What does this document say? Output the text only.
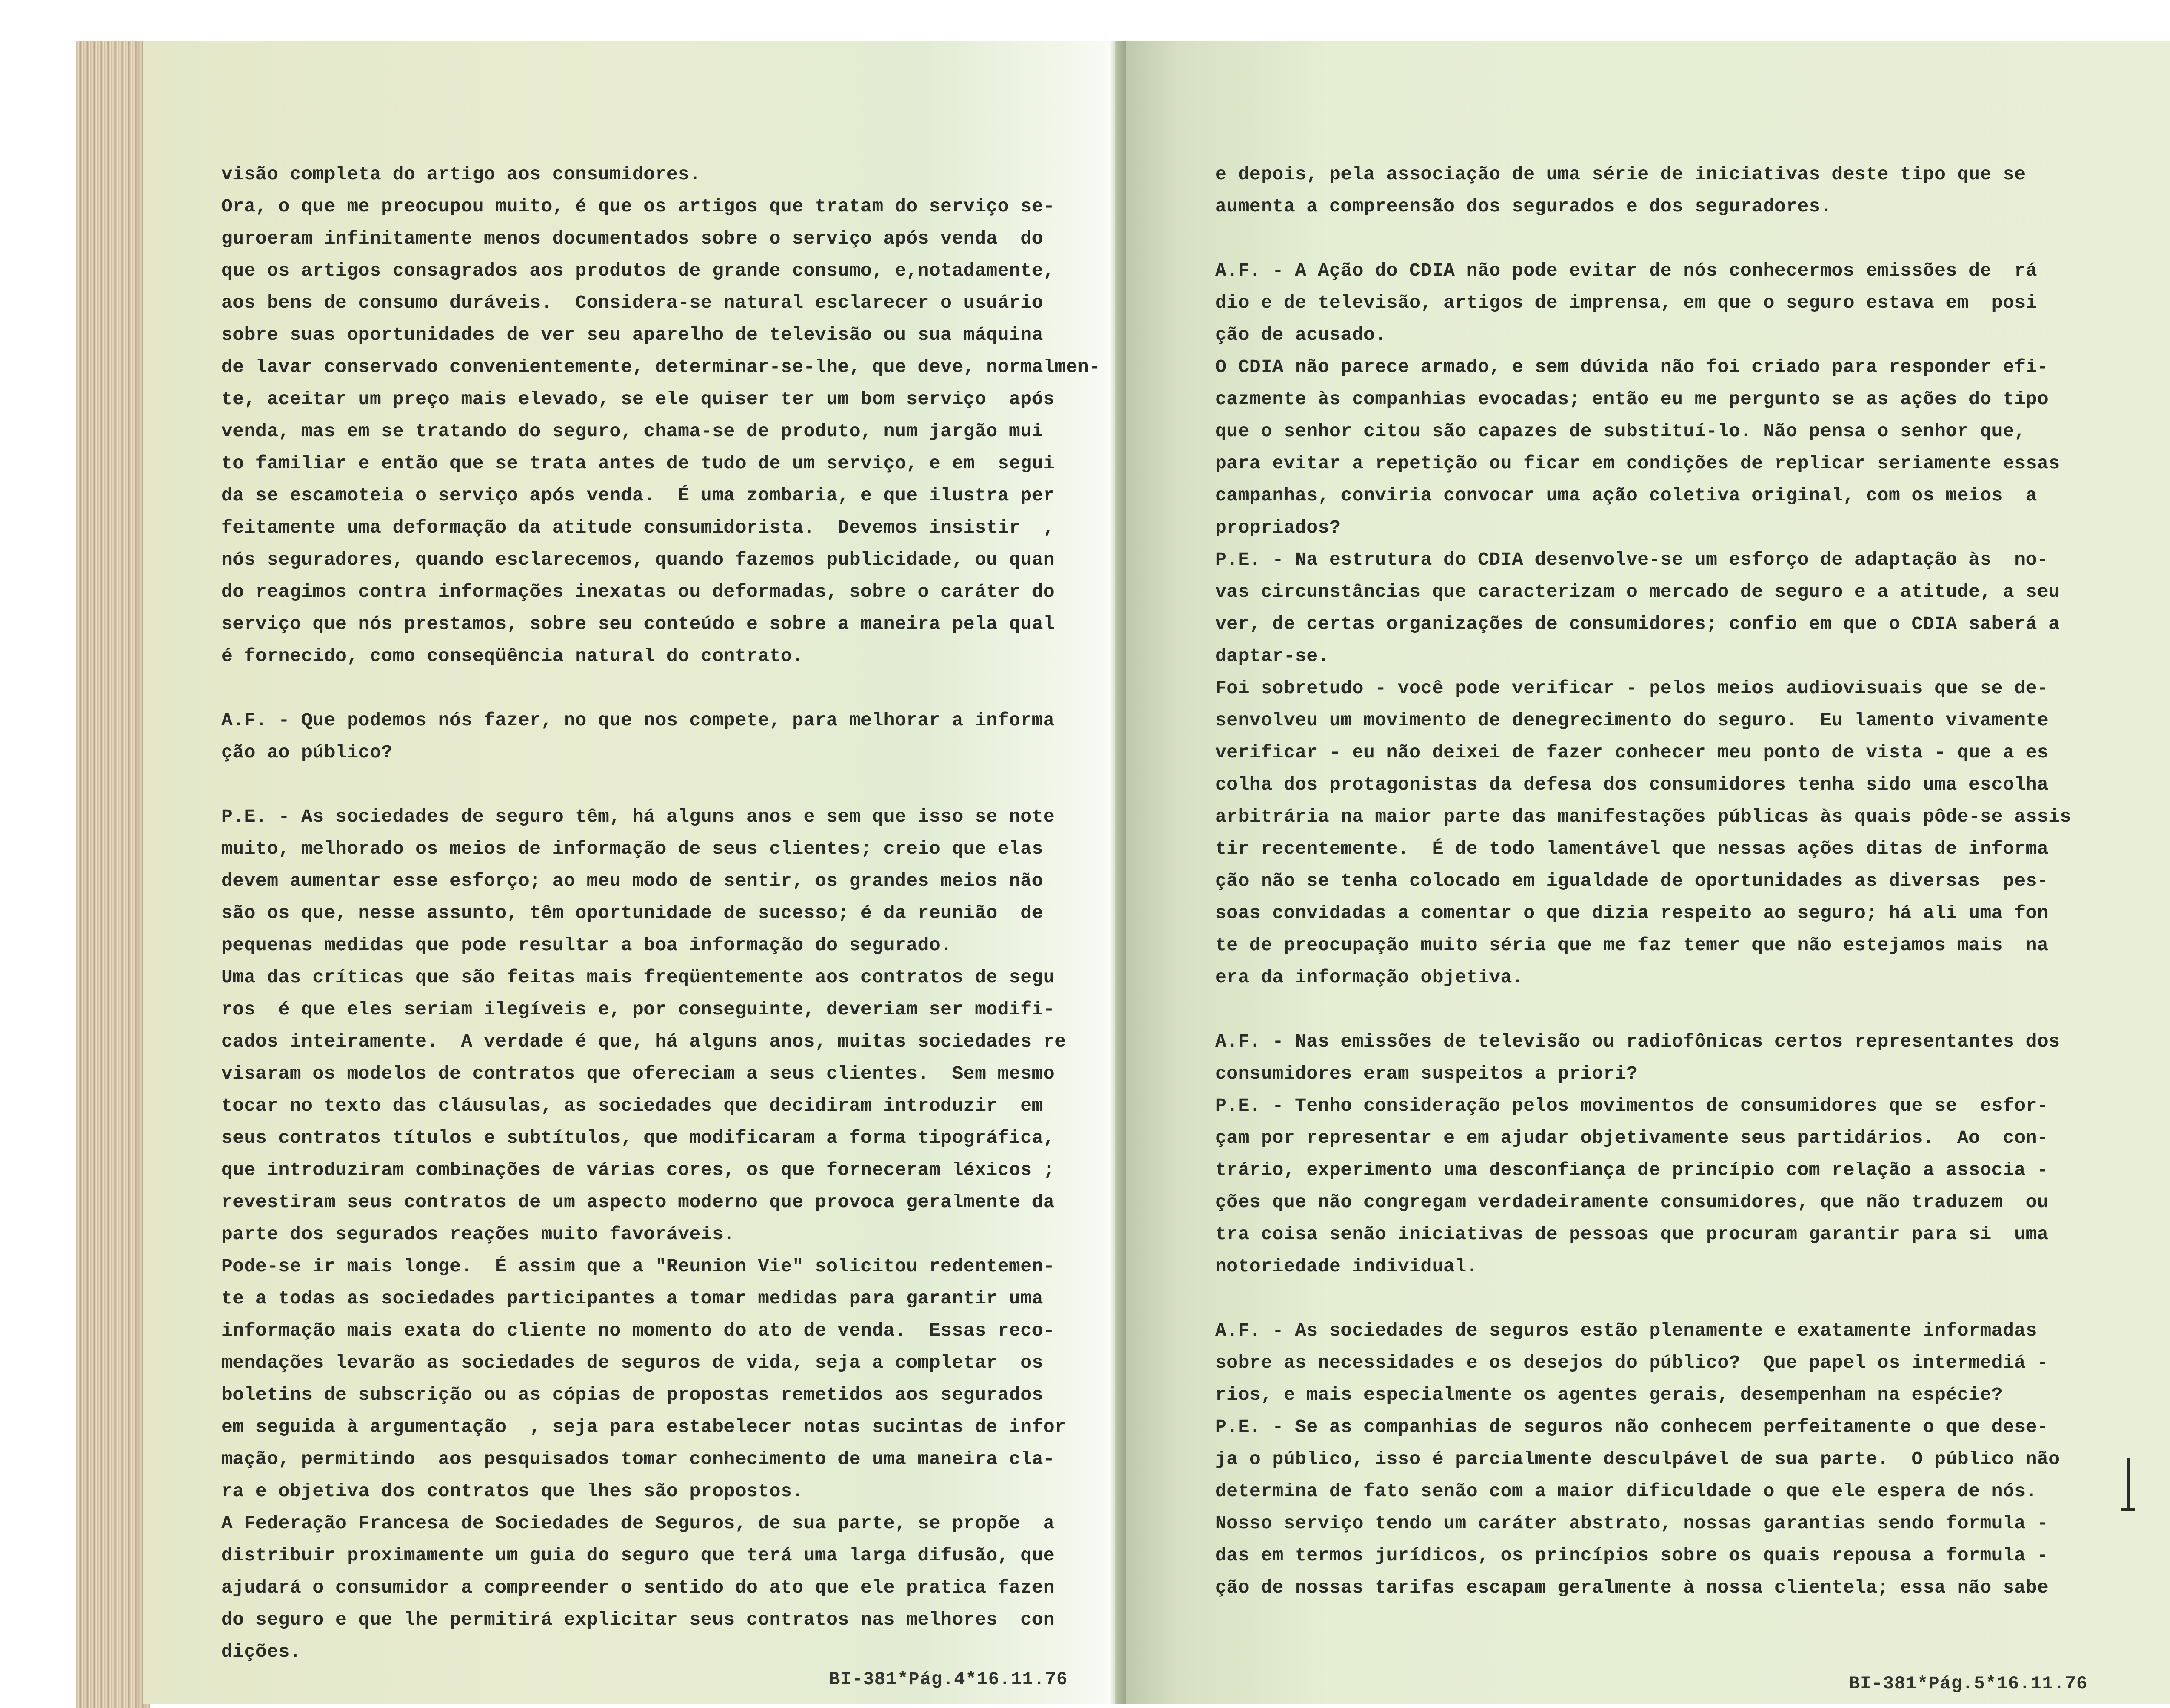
visão completa do artigo aos consumidores.
Ora, o que me preocupou muito, é que os artigos que tratam do serviço se-
guroeram infinitamente menos documentados sobre o serviço após venda  do
que os artigos consagrados aos produtos de grande consumo, e,notadamente,
aos bens de consumo duráveis.  Considera-se natural esclarecer o usuário
sobre suas oportunidades de ver seu aparelho de televisão ou sua máquina
de lavar conservado convenientemente, determinar-se-lhe, que deve, normalmen-
te, aceitar um preço mais elevado, se ele quiser ter um bom serviço  após
venda, mas em se tratando do seguro, chama-se de produto, num jargão mui
to familiar e então que se trata antes de tudo de um serviço, e em  segui
da se escamoteia o serviço após venda.  É uma zombaria, e que ilustra per
feitamente uma deformação da atitude consumidorista.  Devemos insistir  ,
nós seguradores, quando esclarecemos, quando fazemos publicidade, ou quan
do reagimos contra informações inexatas ou deformadas, sobre o caráter do
serviço que nós prestamos, sobre seu conteúdo e sobre a maneira pela qual
é fornecido, como conseqüência natural do contrato.
A.F. - Que podemos nós fazer, no que nos compete, para melhorar a informa
ção ao público?
P.E. - As sociedades de seguro têm, há alguns anos e sem que isso se note
muito, melhorado os meios de informação de seus clientes; creio que elas
devem aumentar esse esforço; ao meu modo de sentir, os grandes meios não
são os que, nesse assunto, têm oportunidade de sucesso; é da reunião  de
pequenas medidas que pode resultar a boa informação do segurado.
Uma das críticas que são feitas mais freqüentemente aos contratos de segu
ros  é que eles seriam ilegíveis e, por conseguinte, deveriam ser modifi-
cados inteiramente.  A verdade é que, há alguns anos, muitas sociedades re
visaram os modelos de contratos que ofereciam a seus clientes.  Sem mesmo
tocar no texto das cláusulas, as sociedades que decidiram introduzir  em
seus contratos títulos e subtítulos, que modificaram a forma tipográfica,
que introduziram combinações de várias cores, os que forneceram léxicos ;
revestiram seus contratos de um aspecto moderno que provoca geralmente da
parte dos segurados reações muito favoráveis.
Pode-se ir mais longe.  É assim que a "Reunion Vie" solicitou redentemen-
te a todas as sociedades participantes a tomar medidas para garantir uma
informação mais exata do cliente no momento do ato de venda.  Essas reco-
mendações levarão as sociedades de seguros de vida, seja a completar  os
boletins de subscrição ou as cópias de propostas remetidos aos segurados
em seguida à argumentação  , seja para estabelecer notas sucintas de infor
mação, permitindo  aos pesquisados tomar conhecimento de uma maneira cla-
ra e objetiva dos contratos que lhes são propostos.
A Federação Francesa de Sociedades de Seguros, de sua parte, se propõe  a
distribuir proximamente um guia do seguro que terá uma larga difusão, que
ajudará o consumidor a compreender o sentido do ato que ele pratica fazen
do seguro e que lhe permitirá explicitar seus contratos nas melhores  con
dições.
BI-381*Pág.4*16.11.76
e depois, pela associação de uma série de iniciativas deste tipo que se
aumenta a compreensão dos segurados e dos seguradores.
A.F. - A Ação do CDIA não pode evitar de nós conhecermos emissões de  rá
dio e de televisão, artigos de imprensa, em que o seguro estava em  posi
ção de acusado.
O CDIA não parece armado, e sem dúvida não foi criado para responder efi-
cazmente às companhias evocadas; então eu me pergunto se as ações do tipo
que o senhor citou são capazes de substituí-lo. Não pensa o senhor que,
para evitar a repetição ou ficar em condições de replicar seriamente essas
campanhas, conviria convocar uma ação coletiva original, com os meios  a
propriados?
P.E. - Na estrutura do CDIA desenvolve-se um esforço de adaptação às  no-
vas circunstâncias que caracterizam o mercado de seguro e a atitude, a seu
ver, de certas organizações de consumidores; confio em que o CDIA saberá a
daptar-se.
Foi sobretudo - você pode verificar - pelos meios audiovisuais que se de-
senvolveu um movimento de denegrecimento do seguro.  Eu lamento vivamente
verificar - eu não deixei de fazer conhecer meu ponto de vista - que a es
colha dos protagonistas da defesa dos consumidores tenha sido uma escolha
arbitrária na maior parte das manifestações públicas às quais pôde-se assis
tir recentemente.  É de todo lamentável que nessas ações ditas de informa
ção não se tenha colocado em igualdade de oportunidades as diversas  pes-
soas convidadas a comentar o que dizia respeito ao seguro; há ali uma fon
te de preocupação muito séria que me faz temer que não estejamos mais  na
era da informação objetiva.
A.F. - Nas emissões de televisão ou radiofônicas certos representantes dos
consumidores eram suspeitos a priori?
P.E. - Tenho consideração pelos movimentos de consumidores que se  esfor-
çam por representar e em ajudar objetivamente seus partidários.  Ao  con-
trário, experimento uma desconfiança de princípio com relação a associa -
ções que não congregam verdadeiramente consumidores, que não traduzem  ou
tra coisa senão iniciativas de pessoas que procuram garantir para si  uma
notoriedade individual.
A.F. - As sociedades de seguros estão plenamente e exatamente informadas
sobre as necessidades e os desejos do público?  Que papel os intermediá -
rios, e mais especialmente os agentes gerais, desempenham na espécie?
P.E. - Se as companhias de seguros não conhecem perfeitamente o que dese-
ja o público, isso é parcialmente desculpável de sua parte.  O público não
determina de fato senão com a maior dificuldade o que ele espera de nós.
Nosso serviço tendo um caráter abstrato, nossas garantias sendo formula -
das em termos jurídicos, os princípios sobre os quais repousa a formula -
ção de nossas tarifas escapam geralmente à nossa clientela; essa não sabe
BI-381*Pág.5*16.11.76
